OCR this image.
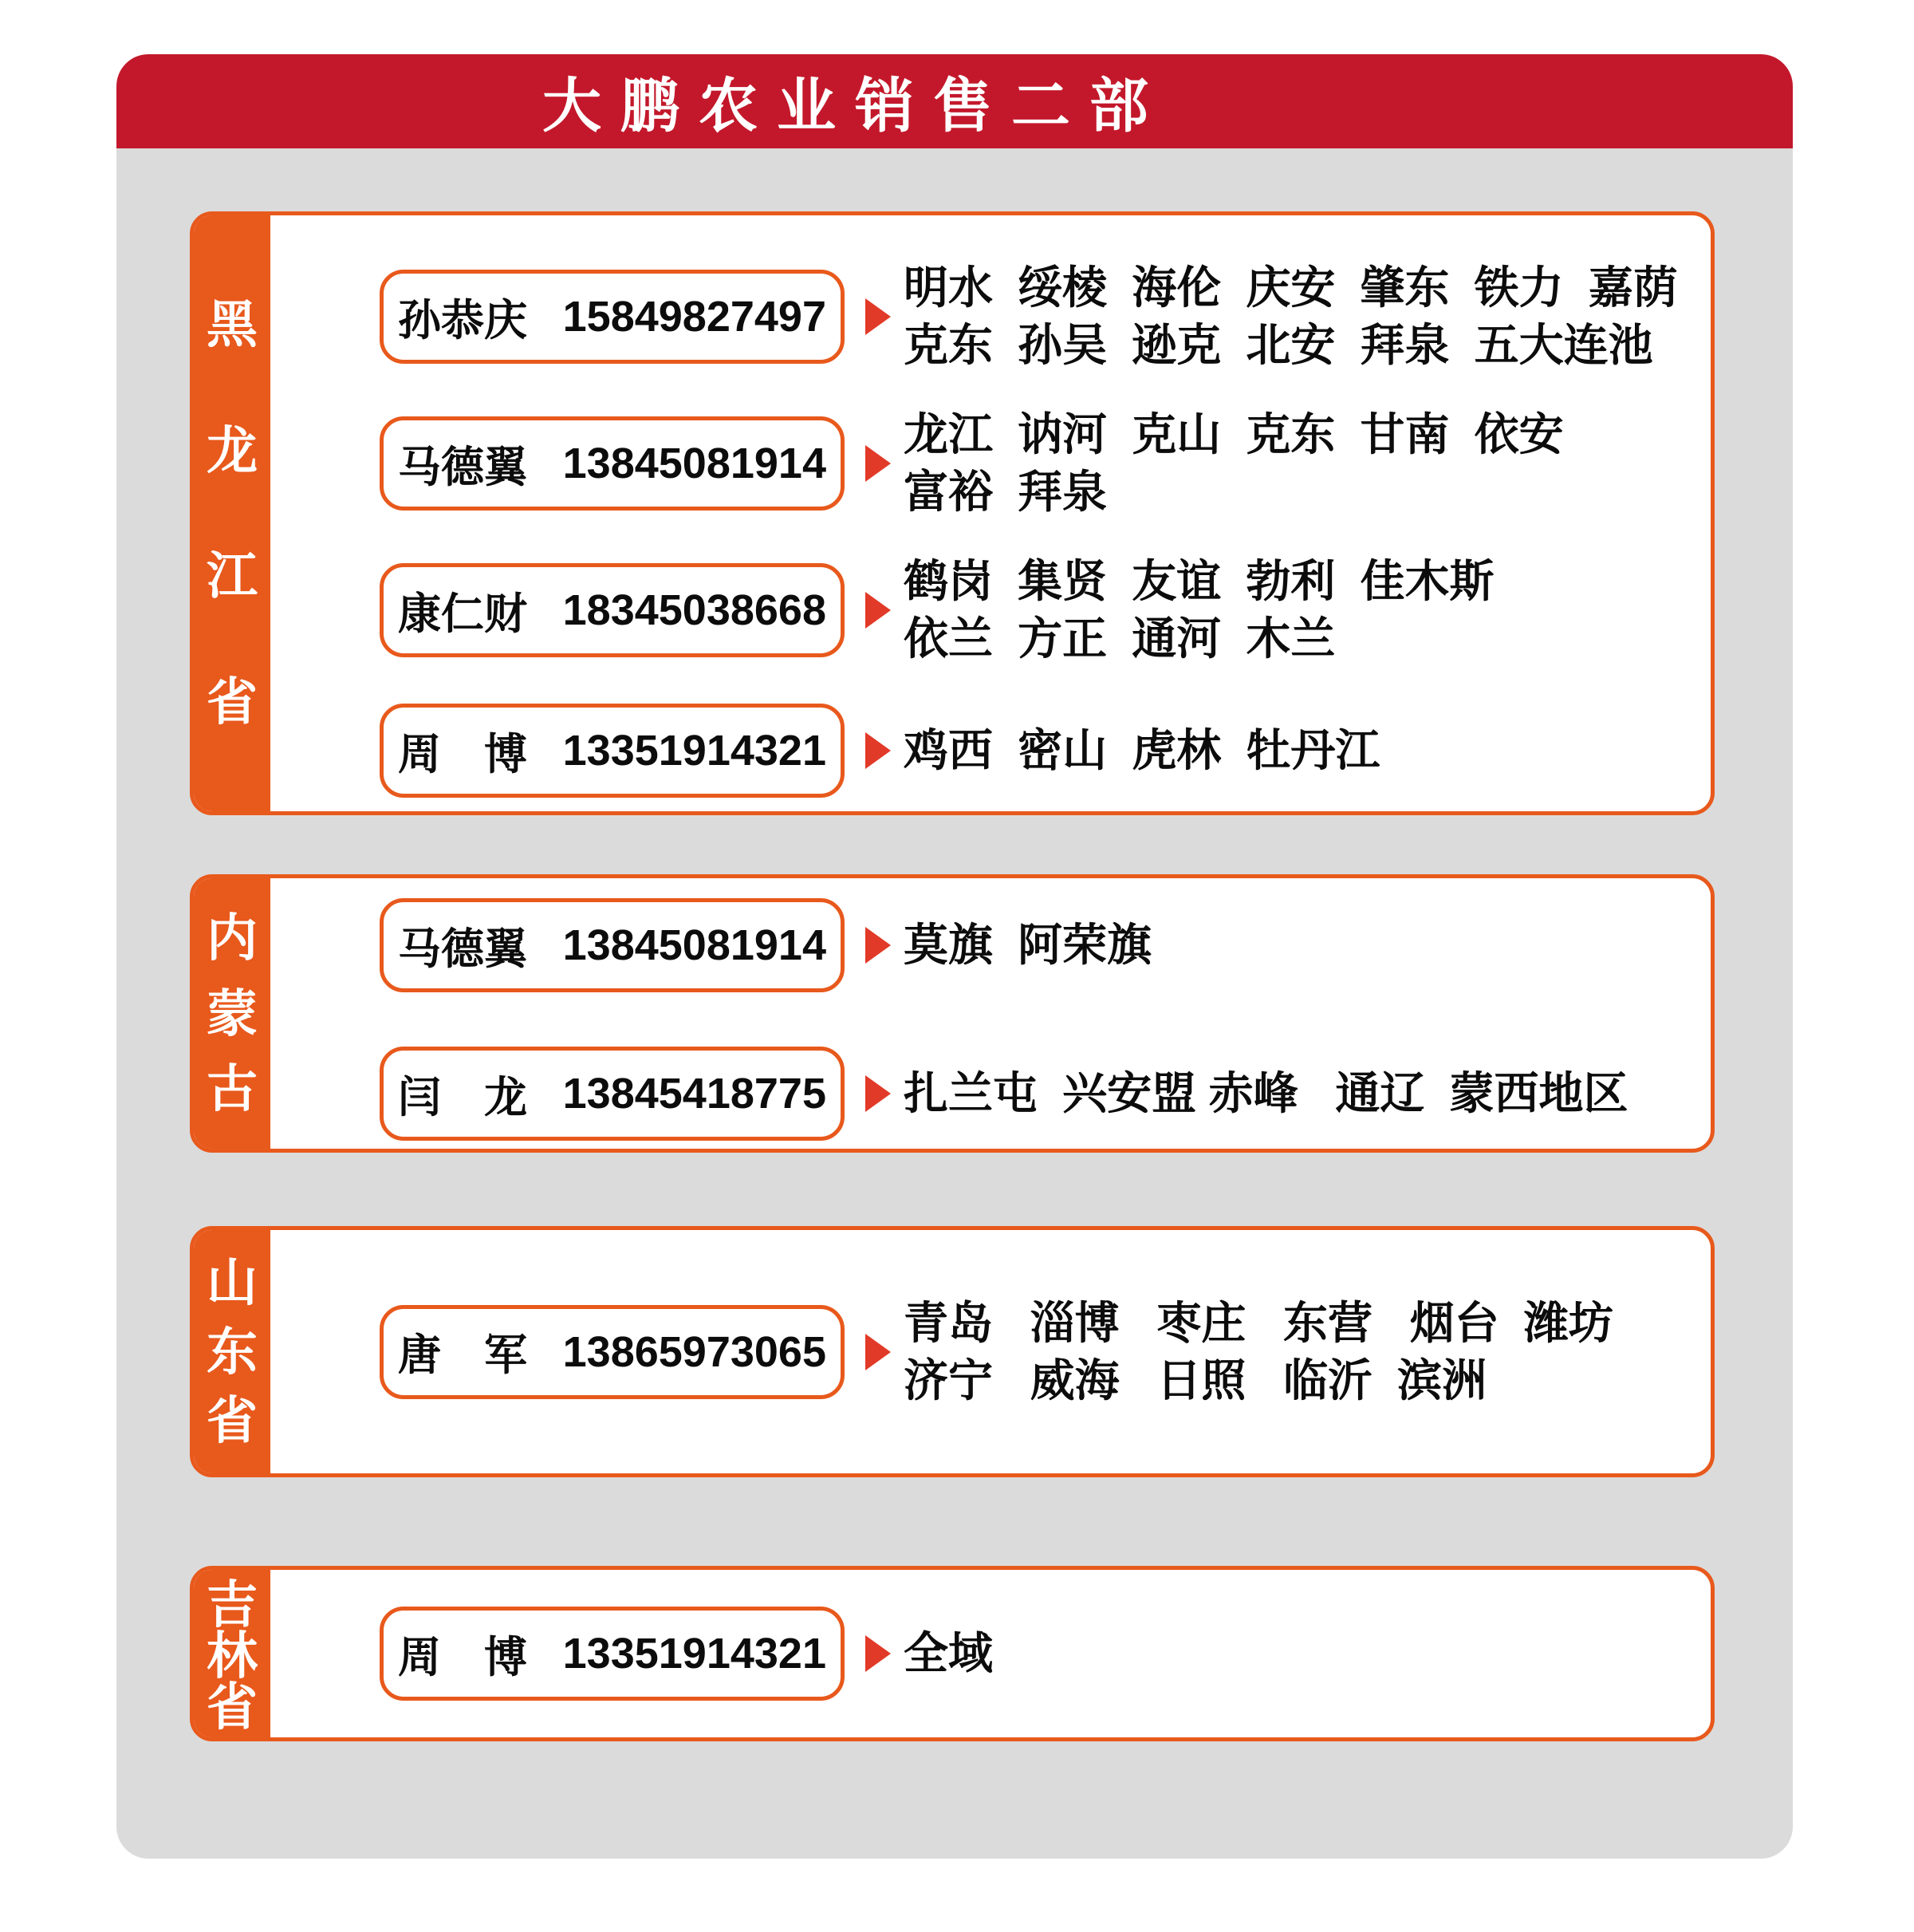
大鹏农业销售二部
黑
龙
江
省
孙恭庆 15849827497
明水  绥棱  海伦  庆安  肇东  铁力  嘉荫
克东  孙吴  逊克  北安  拜泉  五大连池
马德翼 13845081914
龙江  讷河  克山  克东  甘南  依安
富裕  拜泉
康仁财 18345038668
鹤岗  集贤  友谊  勃利  佳木斯
依兰  方正  通河  木兰
周　博 13351914321 鸡西  密山  虎林  牡丹江
内
蒙
古
马德翼 13845081914 莫旗  阿荣旗
闫　龙 13845418775 扎兰屯  兴安盟 赤峰   通辽  蒙西地区
山
东
省
唐　军 13865973065
青岛   淄博   枣庄   东营   烟台  潍坊
济宁   威海   日照   临沂  滨洲
吉
林
省
周　博 13351914321 全域
